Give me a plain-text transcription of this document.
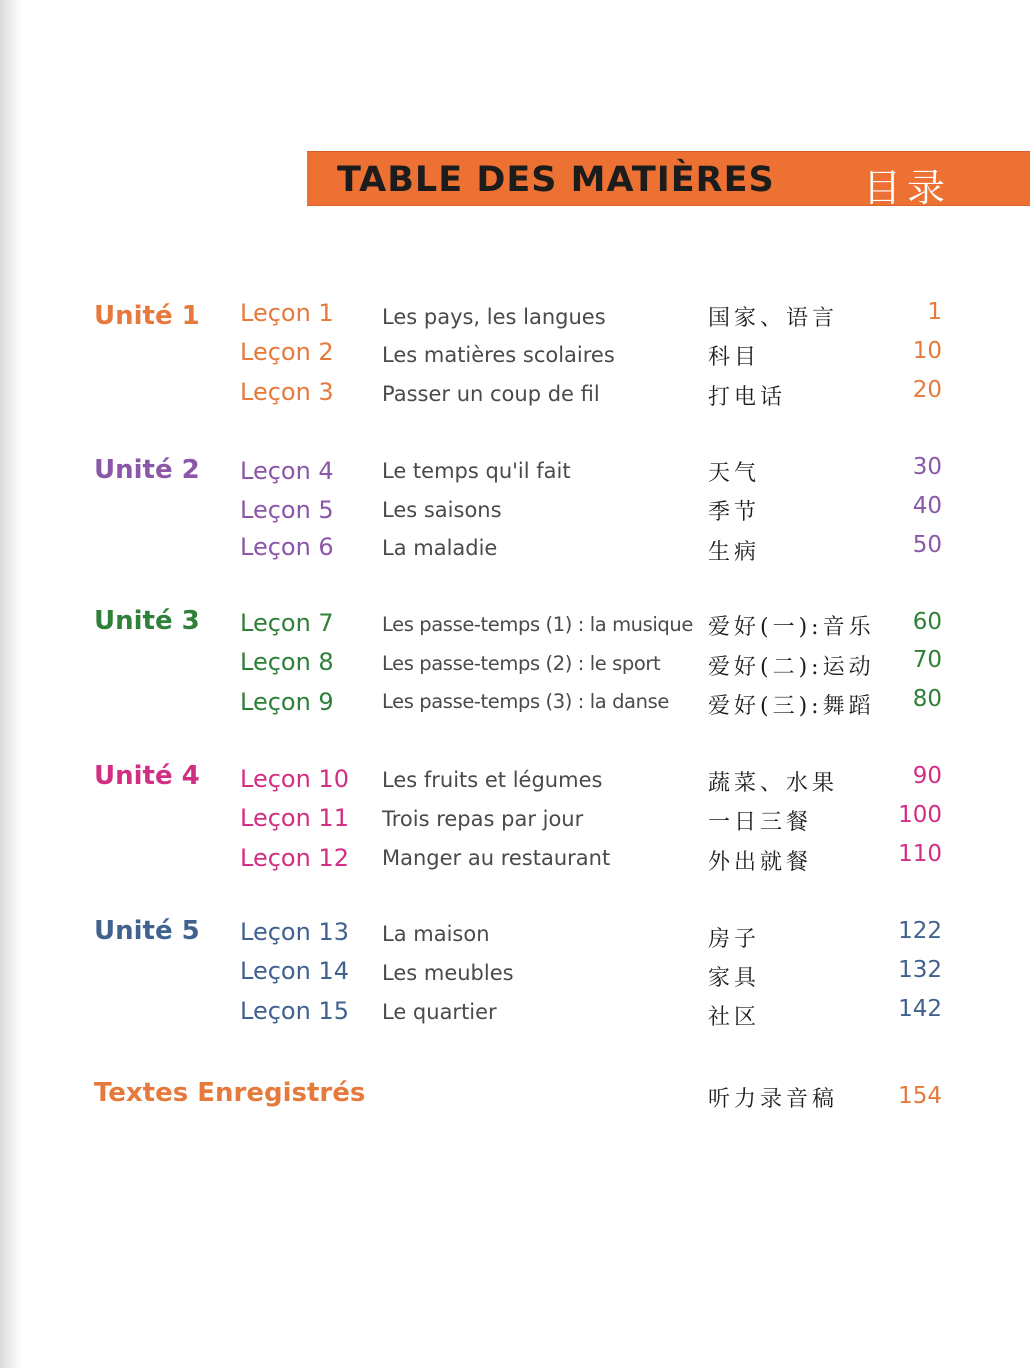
TABLE DES MATIÈRES 目录
Unité 1 Leçon 1 Les pays, les langues	国家、语言	1
Leçon 2 Les matières scolaires	科目	10
Leçon 3 Passer un coup de fil	打电话	20
Unité 2 Leçon 4 Le temps qu'il fait	天气	30
Leçon 5 Les saisons	季节	40
Leçon 6 La maladie	生病	50
Unité 3 Leçon 7 Les passe-temps (1) : la musique 爱好(一):音乐 60
Leçon 8 Les passe-temps (2) : le sport 爱好(二):运动 70
Leçon 9 Les passe-temps (3) : la danse 爱好(三):舞蹈 80
Unité 4 Leçon 10 Les fruits et légumes	蔬菜、水果	90
Leçon 11 Trois repas par jour	一日三餐	100
Leçon 12 Manger au restaurant	外出就餐	110
Unité 5 Leçon 13 La maison	房子	122
Leçon 14 Les meubles	家具	132
Leçon 15 Le quartier	社区	142
Textes Enregistrés	听力录音稿	154
